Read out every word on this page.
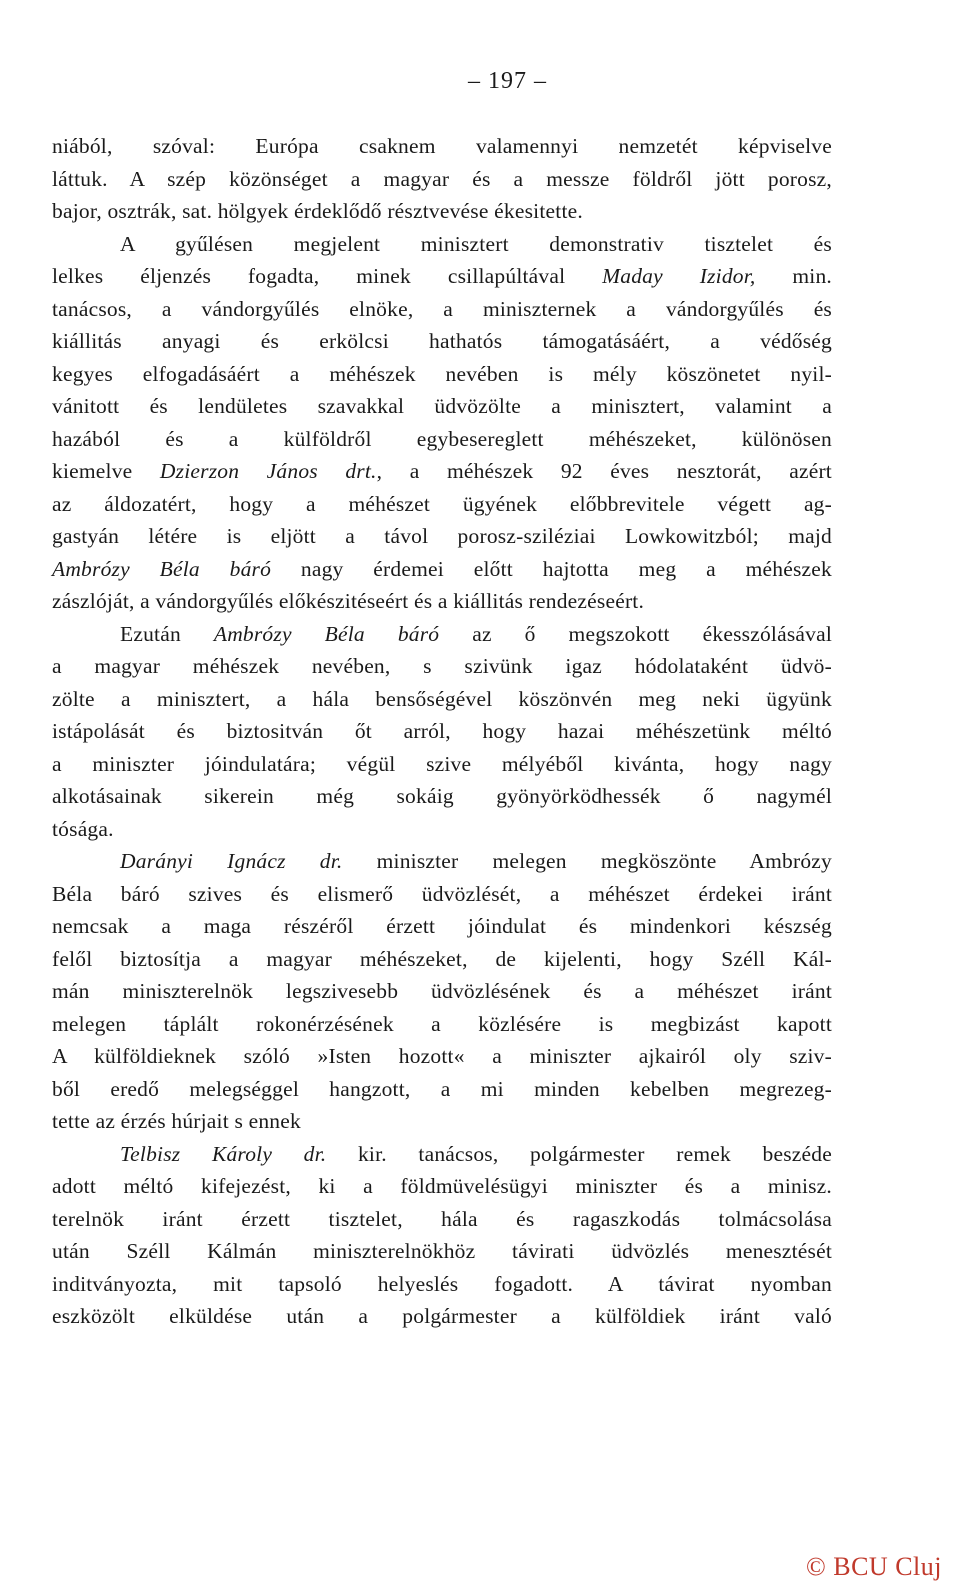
– 197 –
niából, szóval: Európa csaknem valamennyi nemzetét képviselve
láttuk. A szép közönséget a magyar és a messze földről jött porosz,
bajor, osztrák, sat. hölgyek érdeklődő résztvevése ékesitette.
A gyűlésen megjelent minisztert demonstrativ tisztelet és
lelkes éljenzés fogadta, minek csillapúltával Maday Izidor, min.
tanácsos, a vándorgyűlés elnöke, a miniszternek a vándorgyűlés és
kiállitás anyagi és erkölcsi hathatós támogatásáért, a védőség
kegyes elfogadásáért a méhészek nevében is mély köszönetet nyil-
vánitott és lendületes szavakkal üdvözölte a minisztert, valamint a
hazából és a külföldről egybesereglett méhészeket, különösen
kiemelve Dzierzon János drt., a méhészek 92 éves nesztorát, azért
az áldozatért, hogy a méhészet ügyének előbbrevitele végett ag-
gastyán létére is eljött a távol porosz-sziléziai Lowkowitzból; majd
Ambrózy Béla báró nagy érdemei előtt hajtotta meg a méhészek
zászlóját, a vándorgyűlés előkészitéseért és a kiállitás rendezéseért.
Ezután Ambrózy Béla báró az ő megszokott ékesszólásával
a magyar méhészek nevében, s szivünk igaz hódolataként üdvö-
zölte a minisztert, a hála bensőségével köszönvén meg neki ügyünk
istápolását és biztositván őt arról, hogy hazai méhészetünk méltó
a miniszter jóindulatára; végül szive mélyéből kivánta, hogy nagy
alkotásainak sikerein még sokáig gyönyörködhessék ő nagymél
tósága.
Darányi Ignácz dr. miniszter melegen megköszönte Ambrózy
Béla báró szives és elismerő üdvözlését, a méhészet érdekei iránt
nemcsak a maga részéről érzett jóindulat és mindenkori készség
felől biztosítja a magyar méhészeket, de kijelenti, hogy Széll Kál-
mán miniszterelnök legszivesebb üdvözlésének és a méhészet iránt
melegen táplált rokonérzésének a közlésére is megbizást kapott
A külföldieknek szóló »Isten hozott« a miniszter ajkairól oly sziv-
ből eredő melegséggel hangzott, a mi minden kebelben megrezeg-
tette az érzés húrjait s ennek
Telbisz Károly dr. kir. tanácsos, polgármester remek beszéde
adott méltó kifejezést, ki a földmüvelésügyi miniszter és a minisz.
terelnök iránt érzett tisztelet, hála és ragaszkodás tolmácsolása
után Széll Kálmán miniszterelnökhöz távirati üdvözlés menesztését
inditványozta, mit tapsoló helyeslés fogadott. A távirat nyomban
eszközölt elküldése után a polgármester a külföldiek iránt való
© BCU Cluj
